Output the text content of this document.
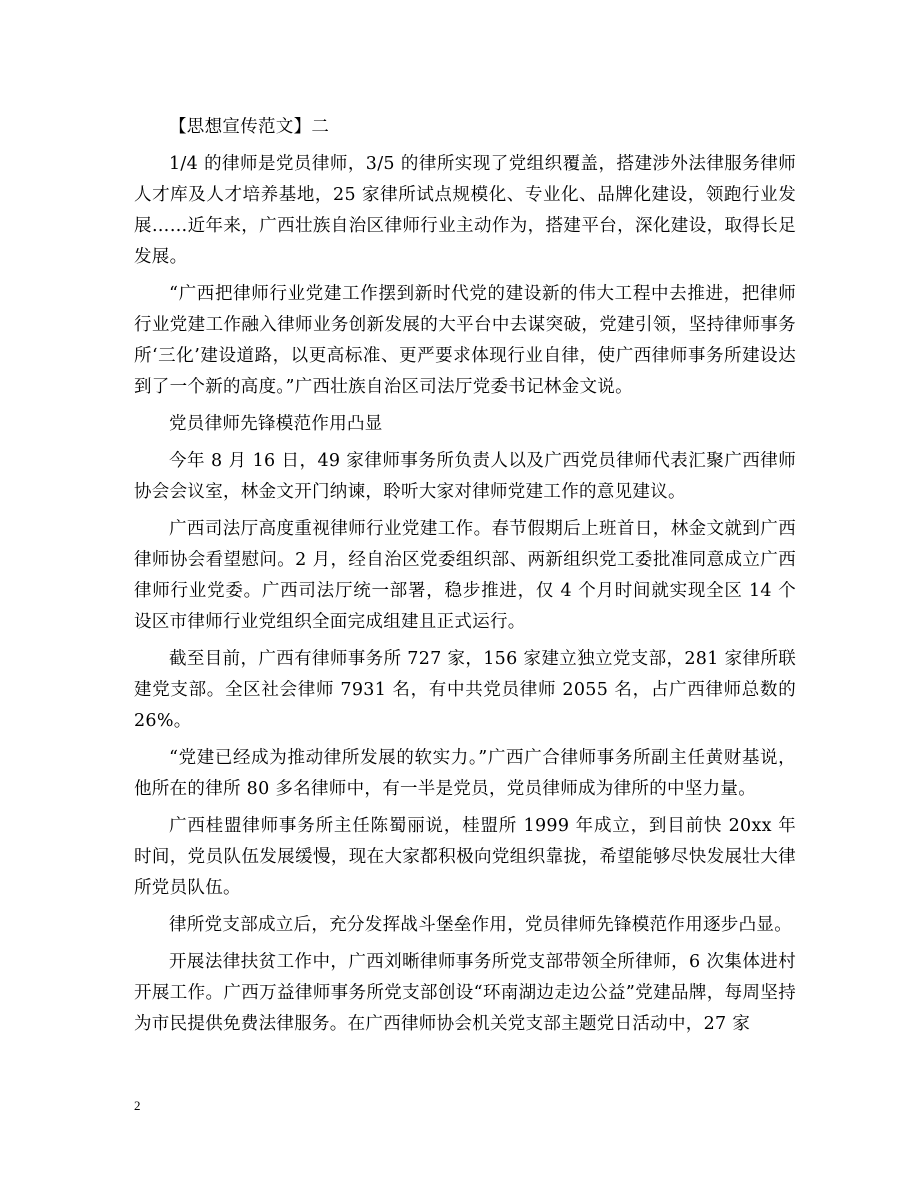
【思想宣传范文】二

1/4 的律师是党员律师，3/5 的律所实现了党组织覆盖，搭建涉外法律服务律师人才库及人才培养基地，25 家律所试点规模化、专业化、品牌化建设，领跑行业发展……近年来，广西壮族自治区律师行业主动作为，搭建平台，深化建设，取得长足发展。

“广西把律师行业党建工作摆到新时代党的建设新的伟大工程中去推进，把律师行业党建工作融入律师业务创新发展的大平台中去谋突破，党建引领，坚持律师事务所‘三化’建设道路，以更高标准、更严要求体现行业自律，使广西律师事务所建设达到了一个新的高度。”广西壮族自治区司法厅党委书记林金文说。

党员律师先锋模范作用凸显

今年 8 月 16 日，49 家律师事务所负责人以及广西党员律师代表汇聚广西律师协会会议室，林金文开门纳谏，聆听大家对律师党建工作的意见建议。

广西司法厅高度重视律师行业党建工作。春节假期后上班首日，林金文就到广西律师协会看望慰问。2 月，经自治区党委组织部、两新组织党工委批准同意成立广西律师行业党委。广西司法厅统一部署，稳步推进，仅 4 个月时间就实现全区 14 个设区市律师行业党组织全面完成组建且正式运行。

截至目前，广西有律师事务所 727 家，156 家建立独立党支部，281 家律所联建党支部。全区社会律师 7931 名，有中共党员律师 2055 名，占广西律师总数的 26%。

“党建已经成为推动律所发展的软实力。”广西广合律师事务所副主任黄财基说，他所在的律所 80 多名律师中，有一半是党员，党员律师成为律所的中坚力量。

广西桂盟律师事务所主任陈蜀丽说，桂盟所 1999 年成立，到目前快 20xx 年时间，党员队伍发展缓慢，现在大家都积极向党组织靠拢，希望能够尽快发展壮大律所党员队伍。

律所党支部成立后，充分发挥战斗堡垒作用，党员律师先锋模范作用逐步凸显。

开展法律扶贫工作中，广西刘晰律师事务所党支部带领全所律师，6 次集体进村开展工作。广西万益律师事务所党支部创设“环南湖边走边公益”党建品牌，每周坚持为市民提供免费法律服务。在广西律师协会机关党支部主题党日活动中，27 家

2
